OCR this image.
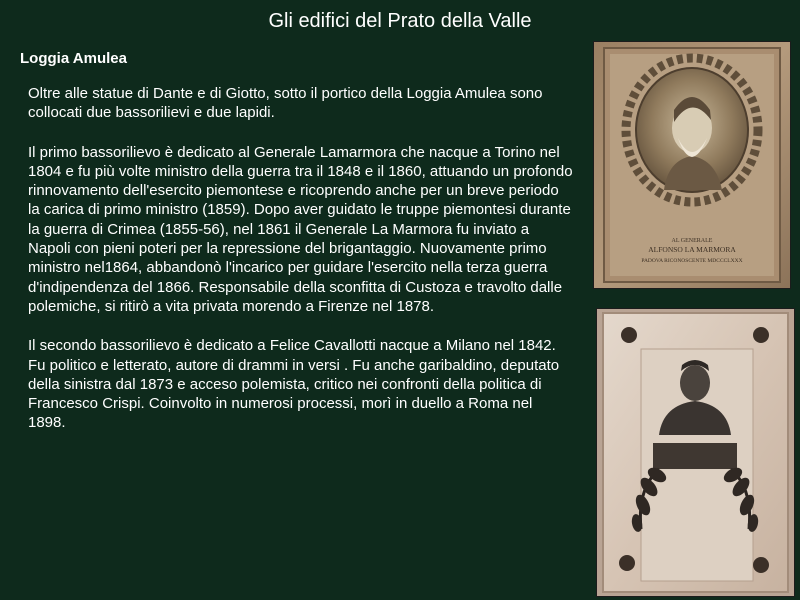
Gli edifici del Prato della Valle
Loggia Amulea

Oltre alle statue di Dante e di Giotto, sotto il portico della Loggia Amulea sono collocati due bassorilievi e due lapidi.

Il primo bassorilievo è dedicato al Generale Lamarmora che nacque a Torino nel 1804 e fu più volte ministro della guerra tra il 1848 e il 1860, attuando un profondo rinnovamento dell'esercito piemontese e ricoprendo anche per un breve periodo la carica di primo ministro (1859). Dopo aver guidato le truppe piemontesi durante la guerra di Crimea (1855-56), nel 1861 il Generale La Marmora fu inviato a Napoli con pieni poteri per la repressione del brigantaggio. Nuovamente primo ministro nel1864, abbandonò l'incarico per guidare l'esercito nella terza guerra d'indipendenza del 1866. Responsabile della sconfitta di Custoza e travolto dalle polemiche, si ritirò a vita privata morendo a Firenze nel 1878.

Il secondo bassorilievo è dedicato a Felice Cavallotti nacque a Milano nel 1842. Fu politico e letterato, autore di drammi in versi . Fu anche garibaldino, deputato della sinistra dal 1873 e acceso polemista, critico nei confronti della politica di Francesco Crispi. Coinvolto in numerosi processi, morì in duello a Roma nel 1898.

AL GENERALE
ALFONSO LA MARMORA
PADOVA RICONOSCENTE MDCCCLXXX
